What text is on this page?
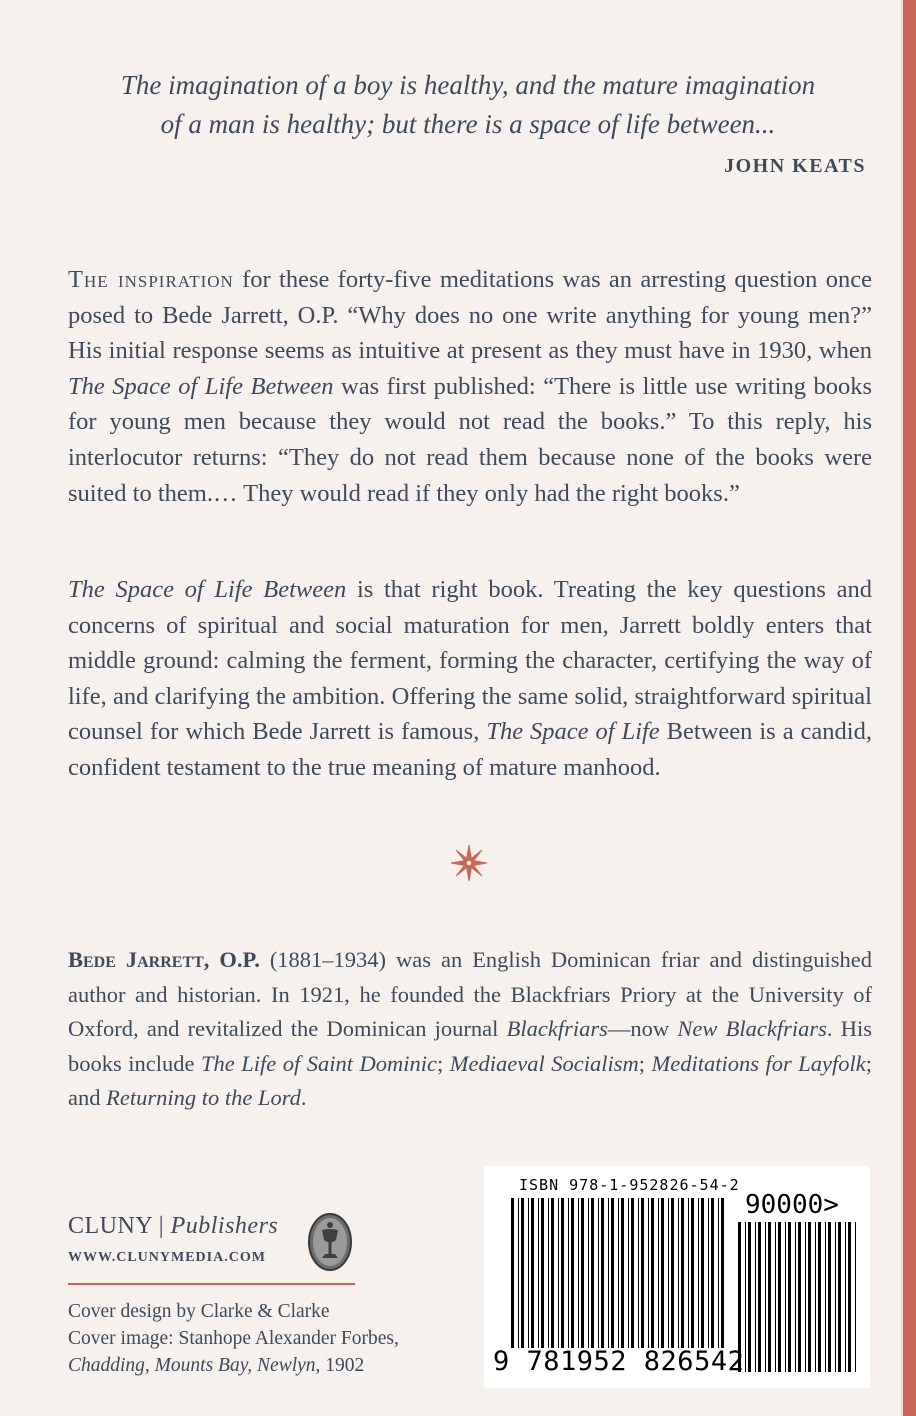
The imagination of a boy is healthy, and the mature imagination
of a man is healthy; but there is a space of life between...
JOHN KEATS
The inspiration for these forty-five meditations was an arresting question once posed to Bede Jarrett, O.P. “Why does no one write anything for young men?” His initial response seems as intuitive at present as they must have in 1930, when The Space of Life Between was first published: “There is little use writing books for young men because they would not read the books.” To this reply, his interlocutor returns: “They do not read them because none of the books were suited to them.… They would read if they only had the right books.”
The Space of Life Between is that right book. Treating the key questions and concerns of spiritual and social maturation for men, Jarrett boldly enters that middle ground: calming the ferment, forming the character, certifying the way of life, and clarifying the ambition. Offering the same solid, straightforward spiritual counsel for which Bede Jarrett is famous, The Space of Life Between is a candid, confident testament to the true meaning of mature manhood.
Bede Jarrett, O.P. (1881–1934) was an English Dominican friar and distinguished author and historian. In 1921, he founded the Blackfriars Priory at the University of Oxford, and revitalized the Dominican journal Blackfriars—now New Blackfriars. His books include The Life of Saint Dominic; Mediaeval Socialism; Meditations for Layfolk; and Returning to the Lord.
CLUNY | Publishers
WWW.CLUNYMEDIA.COM
Cover design by Clarke & Clarke
Cover image: Stanhope Alexander Forbes,
Chadding, Mounts Bay, Newlyn, 1902
ISBN 978-1-952826-54-2
90000>
9 781952 826542
